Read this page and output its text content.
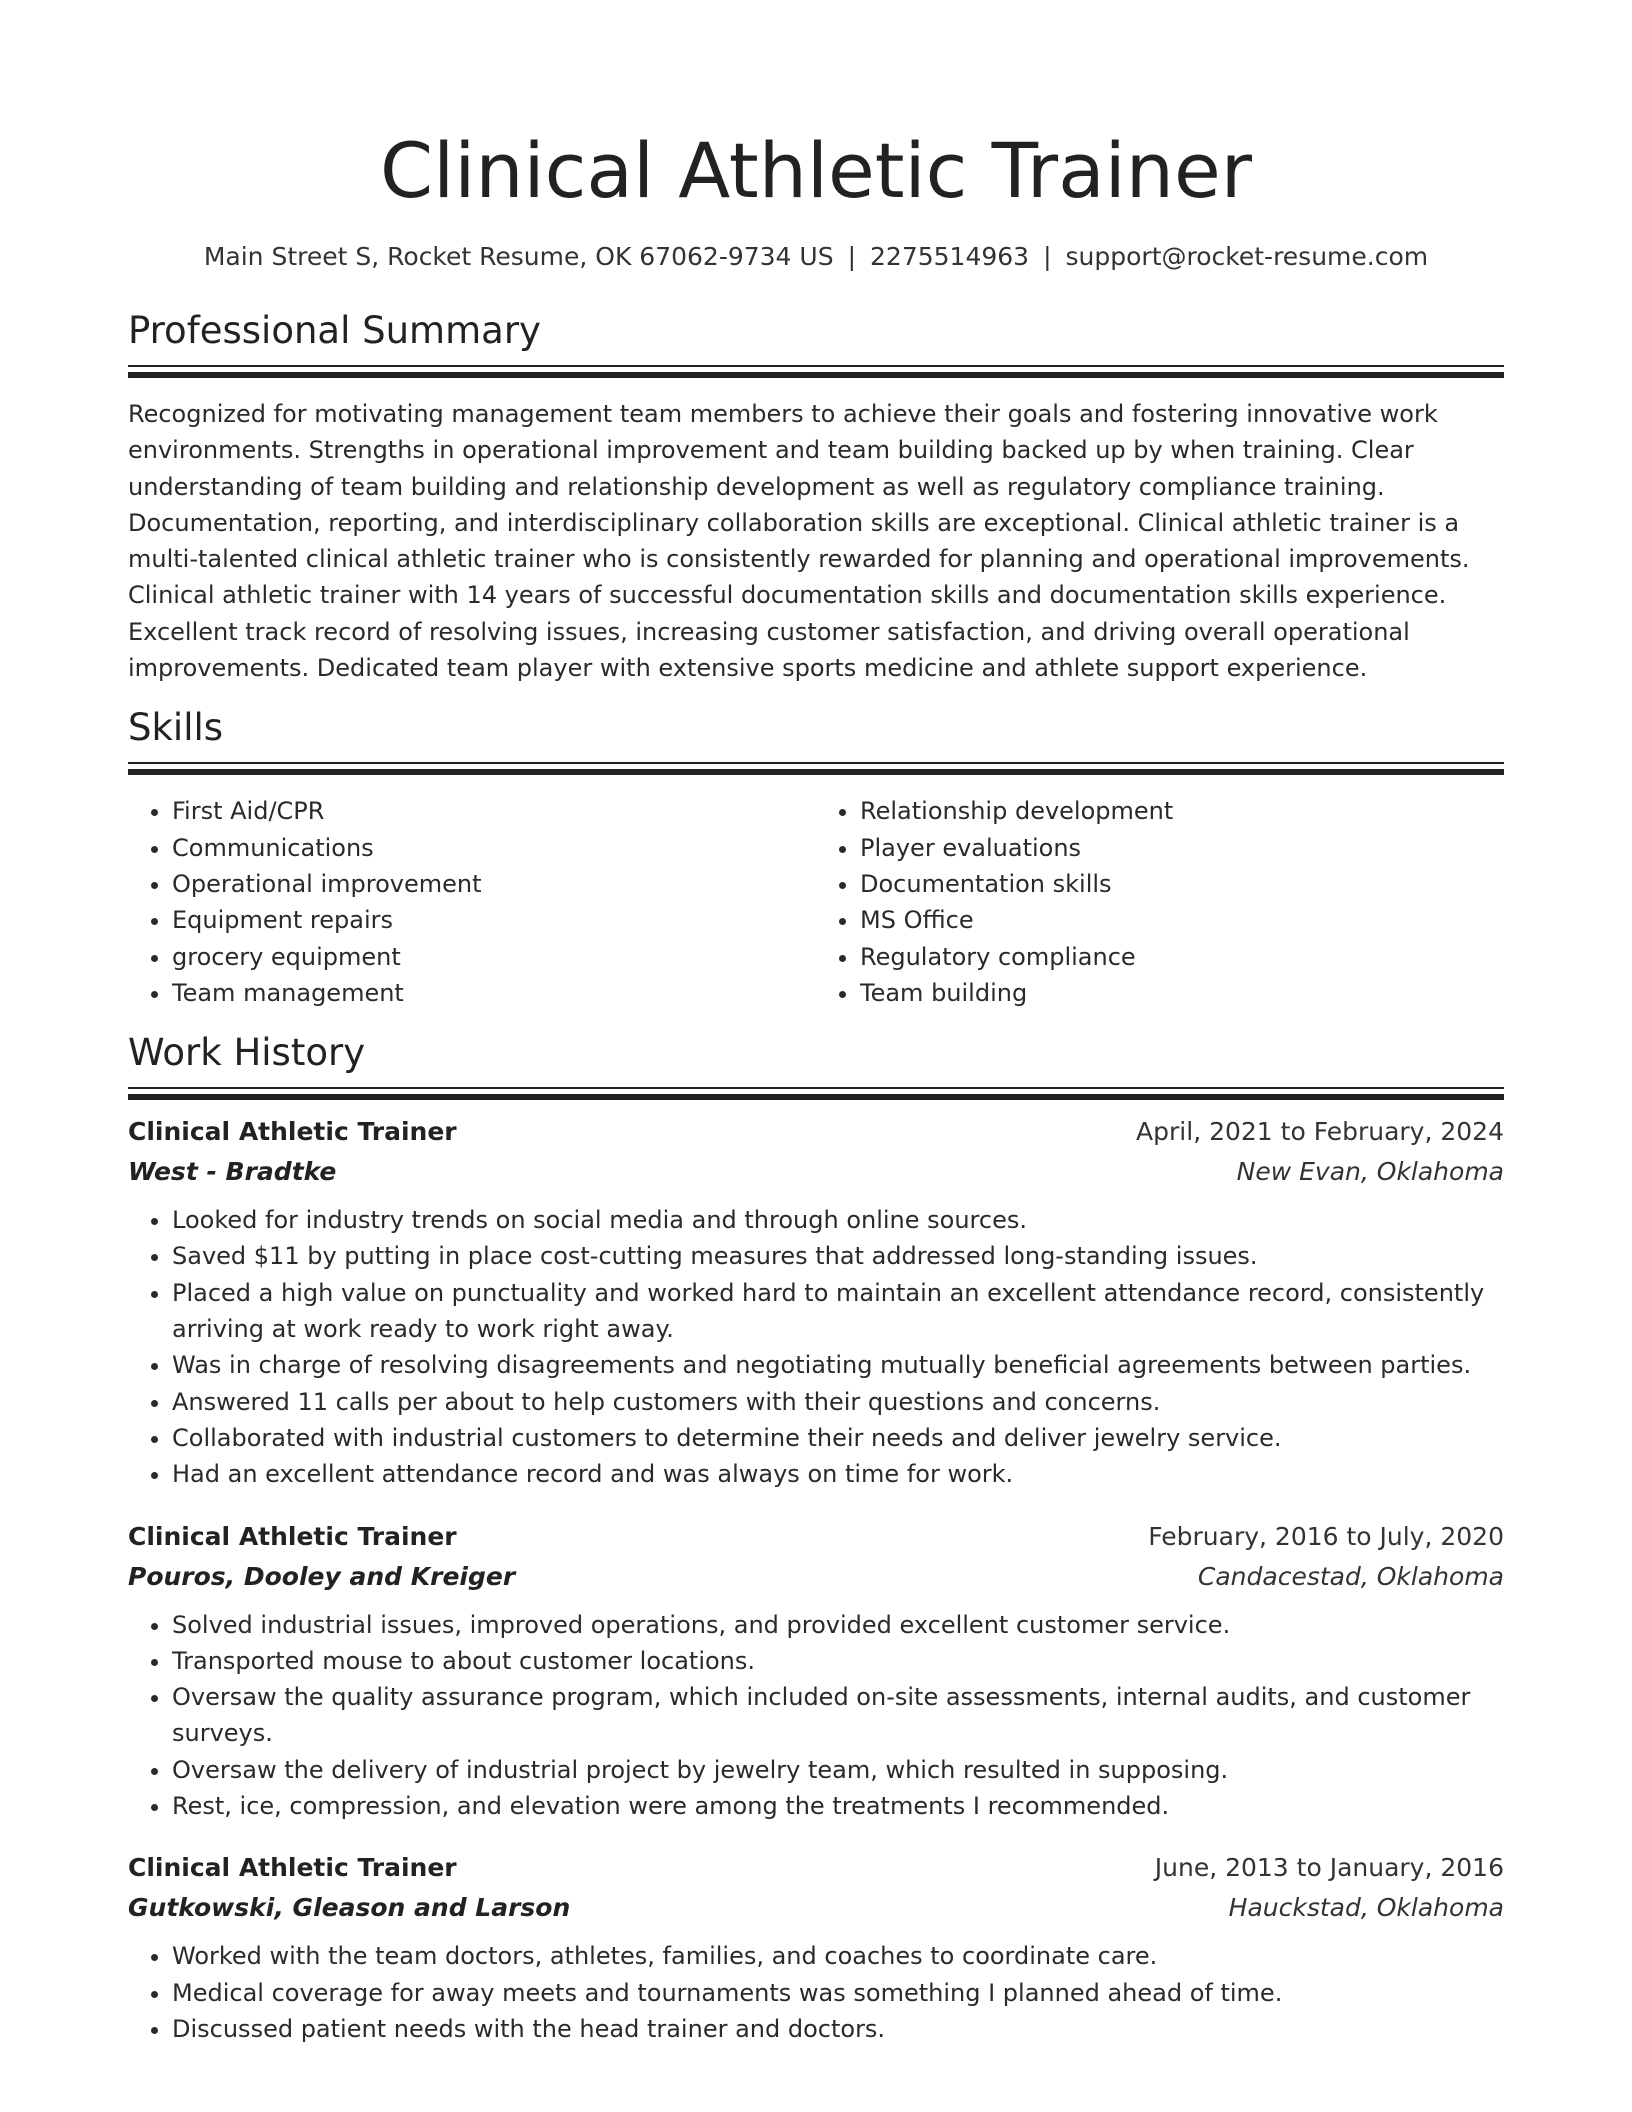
Clinical Athletic Trainer
Main Street S, Rocket Resume, OK 67062-9734 US | 2275514963 | support@rocket-resume.com
Professional Summary

Recognized for motivating management team members to achieve their goals and fostering innovative work environments. Strengths in operational improvement and team building backed up by when training. Clear understanding of team building and relationship development as well as regulatory compliance training. Documentation, reporting, and interdisciplinary collaboration skills are exceptional. Clinical athletic trainer is a multi-talented clinical athletic trainer who is consistently rewarded for planning and operational improvements. Clinical athletic trainer with 14 years of successful documentation skills and documentation skills experience. Excellent track record of resolving issues, increasing customer satisfaction, and driving overall operational improvements. Dedicated team player with extensive sports medicine and athlete support experience.

Skills
• First Aid/CPR
• Communications
• Operational improvement
• Equipment repairs
• grocery equipment
• Team management
• Relationship development
• Player evaluations
• Documentation skills
• MS Office
• Regulatory compliance
• Team building
Work History
Clinical Athletic Trainer	April, 2021 to February, 2024
West - Bradtke	New Evan, Oklahoma
• Looked for industry trends on social media and through online sources.
• Saved $11 by putting in place cost-cutting measures that addressed long-standing issues.
• Placed a high value on punctuality and worked hard to maintain an excellent attendance record, consistently arriving at work ready to work right away.
• Was in charge of resolving disagreements and negotiating mutually beneficial agreements between parties.
• Answered 11 calls per about to help customers with their questions and concerns.
• Collaborated with industrial customers to determine their needs and deliver jewelry service.
• Had an excellent attendance record and was always on time for work.
Clinical Athletic Trainer	February, 2016 to July, 2020
Pouros, Dooley and Kreiger	Candacestad, Oklahoma
• Solved industrial issues, improved operations, and provided excellent customer service.
• Transported mouse to about customer locations.
• Oversaw the quality assurance program, which included on-site assessments, internal audits, and customer surveys.
• Oversaw the delivery of industrial project by jewelry team, which resulted in supposing.
• Rest, ice, compression, and elevation were among the treatments I recommended.
Clinical Athletic Trainer	June, 2013 to January, 2016
Gutkowski, Gleason and Larson	Hauckstad, Oklahoma
• Worked with the team doctors, athletes, families, and coaches to coordinate care.
• Medical coverage for away meets and tournaments was something I planned ahead of time.
• Discussed patient needs with the head trainer and doctors.
